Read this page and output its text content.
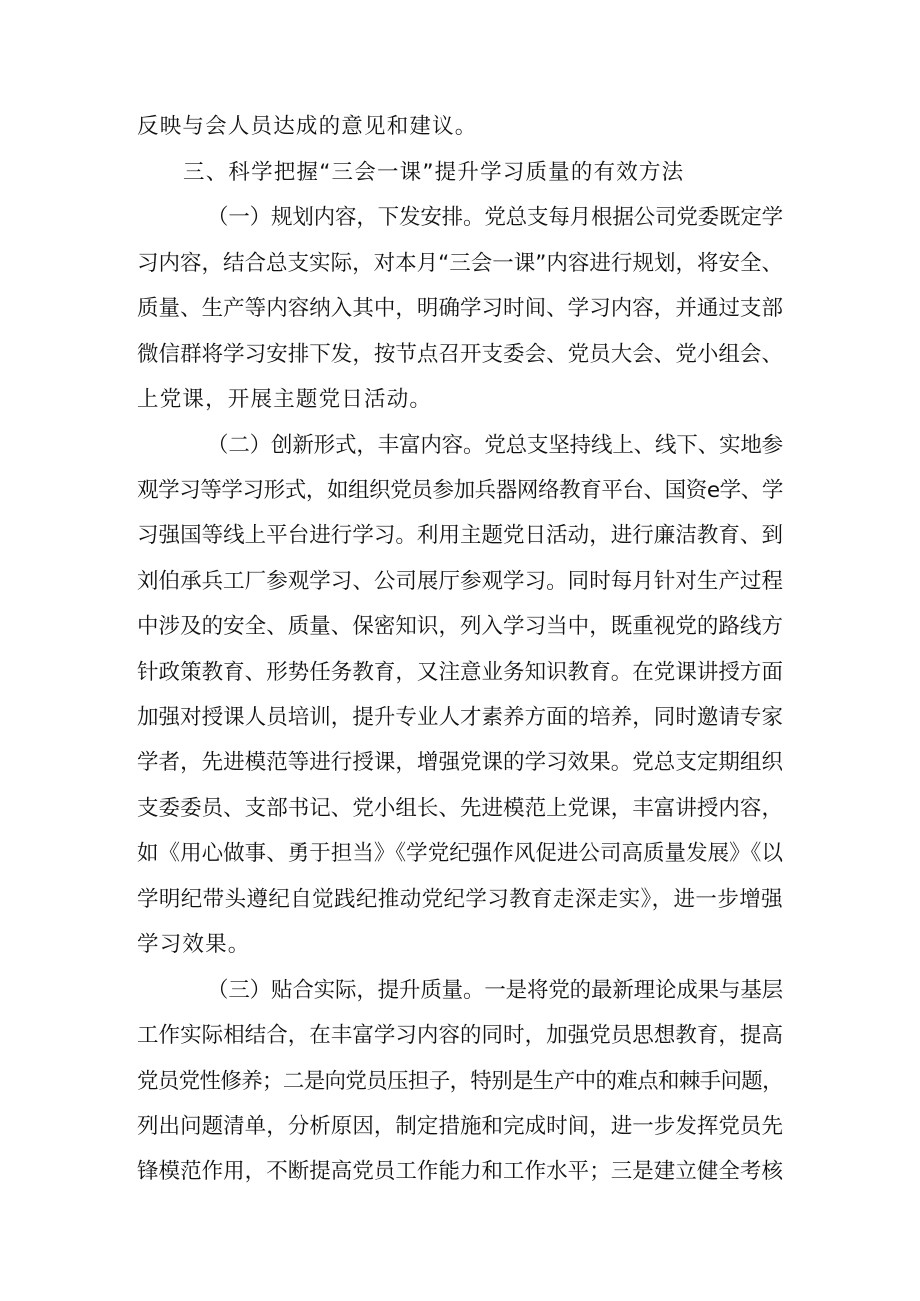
反映与会人员达成的意见和建议。
三、科学把握“三会一课”提升学习质量的有效方法
（一）规划内容，下发安排。党总支每月根据公司党委既定学
习内容，结合总支实际，对本月“三会一课”内容进行规划，将安全、
质量、生产等内容纳入其中，明确学习时间、学习内容，并通过支部
微信群将学习安排下发，按节点召开支委会、党员大会、党小组会、
上党课，开展主题党日活动。
（二）创新形式，丰富内容。党总支坚持线上、线下、实地参
观学习等学习形式，如组织党员参加兵器网络教育平台、国资e学、学
习强国等线上平台进行学习。利用主题党日活动，进行廉洁教育、到
刘伯承兵工厂参观学习、公司展厅参观学习。同时每月针对生产过程
中涉及的安全、质量、保密知识，列入学习当中，既重视党的路线方
针政策教育、形势任务教育，又注意业务知识教育。在党课讲授方面
加强对授课人员培训，提升专业人才素养方面的培养，同时邀请专家
学者，先进模范等进行授课，增强党课的学习效果。党总支定期组织
支委委员、支部书记、党小组长、先进模范上党课，丰富讲授内容，
如《用心做事、勇于担当》《学党纪强作风促进公司高质量发展》《以
学明纪带头遵纪自觉践纪推动党纪学习教育走深走实》，进一步增强
学习效果。
（三）贴合实际，提升质量。一是将党的最新理论成果与基层
工作实际相结合，在丰富学习内容的同时，加强党员思想教育，提高
党员党性修养；二是向党员压担子，特别是生产中的难点和棘手问题，
列出问题清单，分析原因，制定措施和完成时间，进一步发挥党员先
锋模范作用，不断提高党员工作能力和工作水平；三是建立健全考核
